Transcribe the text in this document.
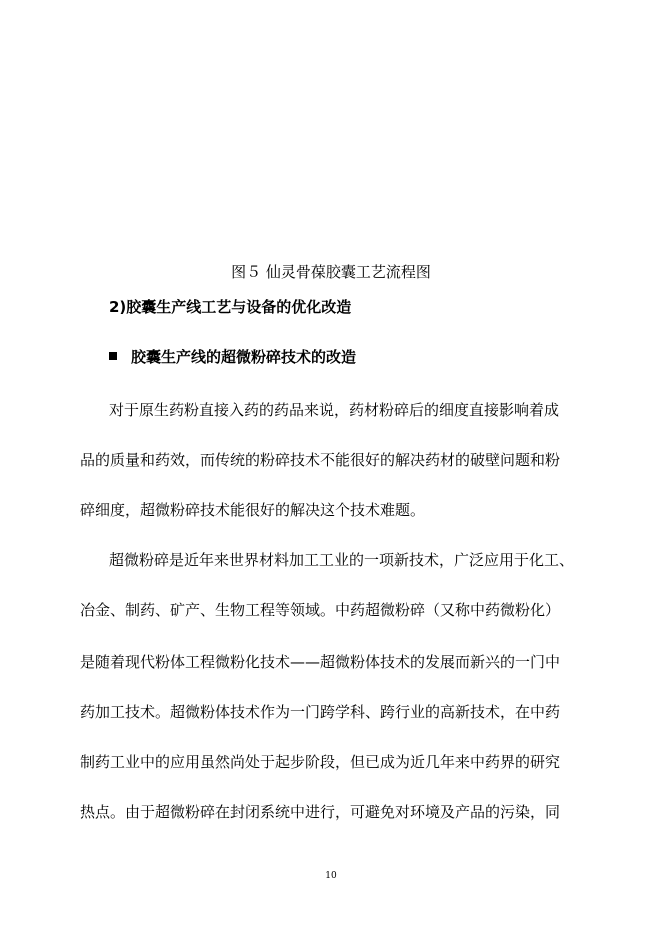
图５ 仙灵骨葆胶囊工艺流程图
2)胶囊生产线工艺与设备的优化改造
胶囊生产线的超微粉碎技术的改造
对于原生药粉直接入药的药品来说，药材粉碎后的细度直接影响着成
品的质量和药效，而传统的粉碎技术不能很好的解决药材的破壁问题和粉
碎细度，超微粉碎技术能很好的解决这个技术难题。
超微粉碎是近年来世界材料加工工业的一项新技术，广泛应用于化工、
冶金、制药、矿产、生物工程等领域。中药超微粉碎（又称中药微粉化）
是随着现代粉体工程微粉化技术——超微粉体技术的发展而新兴的一门中
药加工技术。超微粉体技术作为一门跨学科、跨行业的高新技术，在中药
制药工业中的应用虽然尚处于起步阶段，但已成为近几年来中药界的研究
热点。由于超微粉碎在封闭系统中进行，可避免对环境及产品的污染，同
10
